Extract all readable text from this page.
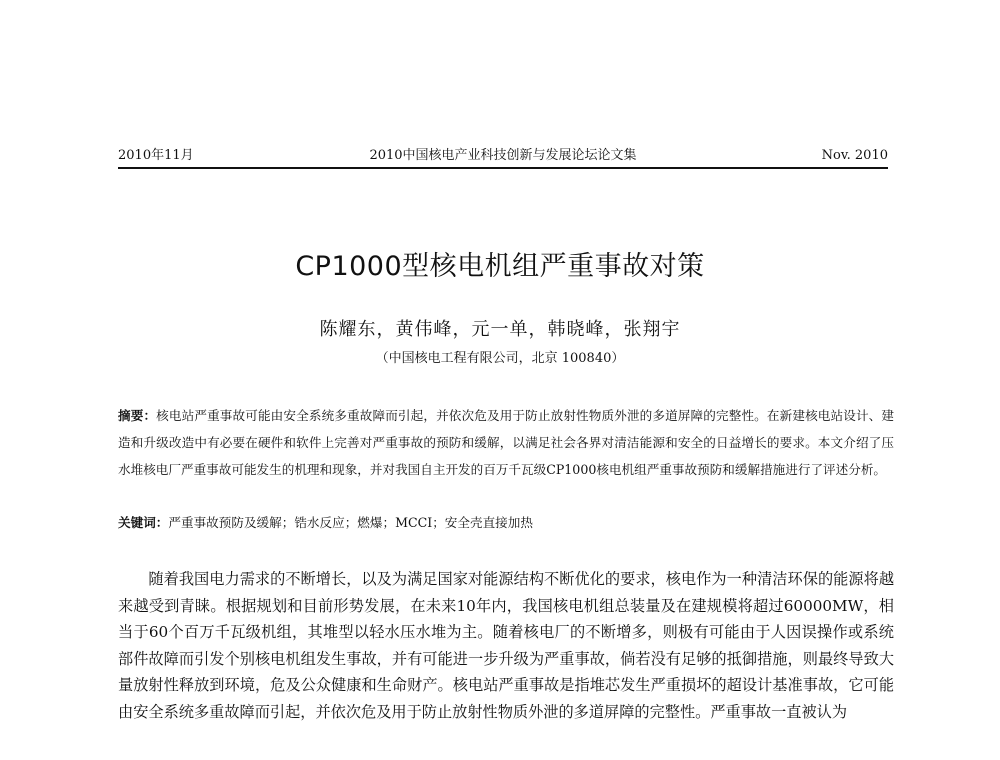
2010年11月	2010中国核电产业科技创新与发展论坛论文集	Nov. 2010
CP1000型核电机组严重事故对策
陈耀东，黄伟峰，元一单，韩晓峰，张翔宇
（中国核电工程有限公司，北京 100840）
摘要：核电站严重事故可能由安全系统多重故障而引起，并依次危及用于防止放射性物质外泄的多道屏障的完整性。在新建核电站设计、建造和升级改造中有必要在硬件和软件上完善对严重事故的预防和缓解，以满足社会各界对清洁能源和安全的日益增长的要求。本文介绍了压水堆核电厂严重事故可能发生的机理和现象，并对我国自主开发的百万千瓦级CP1000核电机组严重事故预防和缓解措施进行了评述分析。
关键词：严重事故预防及缓解；锆水反应；燃爆；MCCI；安全壳直接加热

随着我国电力需求的不断增长，以及为满足国家对能源结构不断优化的要求，核电作为一种清洁环保的能源将越来越受到青睐。根据规划和目前形势发展，在未来10年内，我国核电机组总装量及在建规模将超过60000MW，相当于60个百万千瓦级机组，其堆型以轻水压水堆为主。随着核电厂的不断增多，则极有可能由于人因误操作或系统部件故障而引发个别核电机组发生事故，并有可能进一步升级为严重事故，倘若没有足够的抵御措施，则最终导致大量放射性释放到环境，危及公众健康和生命财产。核电站严重事故是指堆芯发生严重损坏的超设计基准事故，它可能由安全系统多重故障而引起，并依次危及用于防止放射性物质外泄的多道屏障的完整性。严重事故一直被认为
